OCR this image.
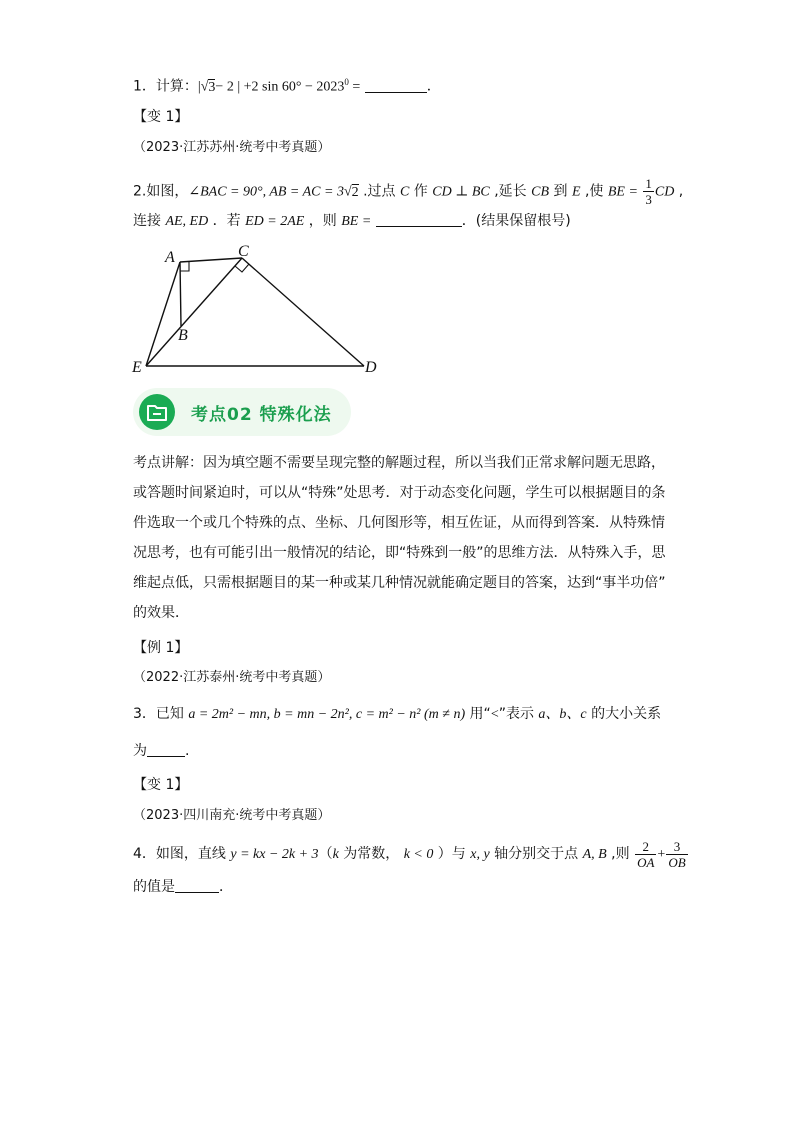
1．计算：|√3− 2 | +2 $\sin 60^\circ - 2023^0$ =	．
【变 1】
（2023·江苏苏州·统考中考真题）
2.如图，∠BAC = 90°, AB = AC = 3√2 .过点 C 作 CD ⊥ BC ,延长 CB 到 E ,使 BE = $\frac{1}{3}$ CD ,
连接 AE, ED ．若 ED = 2AE ，则 BE =	．(结果保留根号)
A	C
B
E	D
考点02 特殊化法
考点讲解：因为填空题不需要呈现完整的解题过程，所以当我们正常求解问题无思路，
或答题时间紧迫时，可以从“特殊”处思考．对于动态变化问题，学生可以根据题目的条
件选取一个或几个特殊的点、坐标、几何图形等，相互佐证，从而得到答案．从特殊情
况思考，也有可能引出一般情况的结论，即“特殊到一般”的思维方法．从特殊入手，思
维起点低，只需根据题目的某一种或某几种情况就能确定题目的答案，达到“事半功倍”
的效果．
【例 1】
（2022·江苏泰州·统考中考真题）
3．已知 a = 2m² − mn, b = mn − 2n², c = m² − n² (m ≠ n) 用“<”表示 a、b、c 的大小关系
为	.
【变 1】
（2023·四川南充·统考中考真题）
4．如图，直线 y = kx − 2k + 3（k 为常数， k < 0 ）与 x, y 轴分别交于点 A, B ,则 $\frac{2}{OA} + \frac{3}{OB}$
的值是	．
